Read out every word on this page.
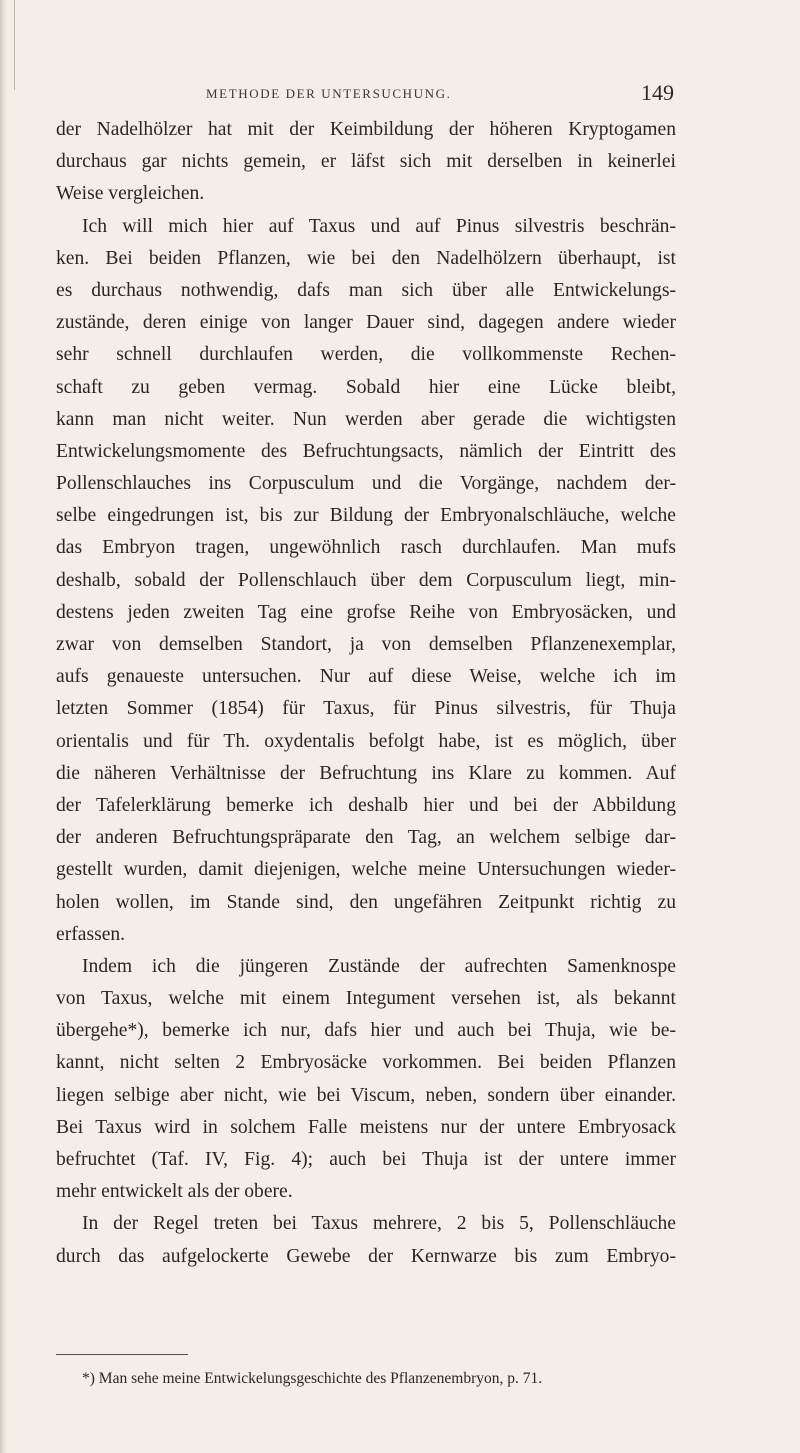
METHODE DER UNTERSUCHUNG.	149
der Nadelhölzer hat mit der Keimbildung der höheren Kryptogamen
durchaus gar nichts gemein, er läfst sich mit derselben in keinerlei
Weise vergleichen.
Ich will mich hier auf Taxus und auf Pinus silvestris beschrän-
ken. Bei beiden Pflanzen, wie bei den Nadelhölzern überhaupt, ist
es durchaus nothwendig, dafs man sich über alle Entwickelungs-
zustände, deren einige von langer Dauer sind, dagegen andere wieder
sehr schnell durchlaufen werden, die vollkommenste Rechen-
schaft zu geben vermag. Sobald hier eine Lücke bleibt,
kann man nicht weiter. Nun werden aber gerade die wichtigsten
Entwickelungsmomente des Befruchtungsacts, nämlich der Eintritt des
Pollenschlauches ins Corpusculum und die Vorgänge, nachdem der-
selbe eingedrungen ist, bis zur Bildung der Embryonalschläuche, welche
das Embryon tragen, ungewöhnlich rasch durchlaufen. Man mufs
deshalb, sobald der Pollenschlauch über dem Corpusculum liegt, min-
destens jeden zweiten Tag eine grofse Reihe von Embryosäcken, und
zwar von demselben Standort, ja von demselben Pflanzenexemplar,
aufs genaueste untersuchen. Nur auf diese Weise, welche ich im
letzten Sommer (1854) für Taxus, für Pinus silvestris, für Thuja
orientalis und für Th. oxydentalis befolgt habe, ist es möglich, über
die näheren Verhältnisse der Befruchtung ins Klare zu kommen. Auf
der Tafelerklärung bemerke ich deshalb hier und bei der Abbildung
der anderen Befruchtungspräparate den Tag, an welchem selbige dar-
gestellt wurden, damit diejenigen, welche meine Untersuchungen wieder-
holen wollen, im Stande sind, den ungefähren Zeitpunkt richtig zu
erfassen.
Indem ich die jüngeren Zustände der aufrechten Samenknospe
von Taxus, welche mit einem Integument versehen ist, als bekannt
übergehe*), bemerke ich nur, dafs hier und auch bei Thuja, wie be-
kannt, nicht selten 2 Embryosäcke vorkommen. Bei beiden Pflanzen
liegen selbige aber nicht, wie bei Viscum, neben, sondern über einander.
Bei Taxus wird in solchem Falle meistens nur der untere Embryosack
befruchtet (Taf. IV, Fig. 4); auch bei Thuja ist der untere immer
mehr entwickelt als der obere.
In der Regel treten bei Taxus mehrere, 2 bis 5, Pollenschläuche
durch das aufgelockerte Gewebe der Kernwarze bis zum Embryo-
*) Man sehe meine Entwickelungsgeschichte des Pflanzenembryon, p. 71.
